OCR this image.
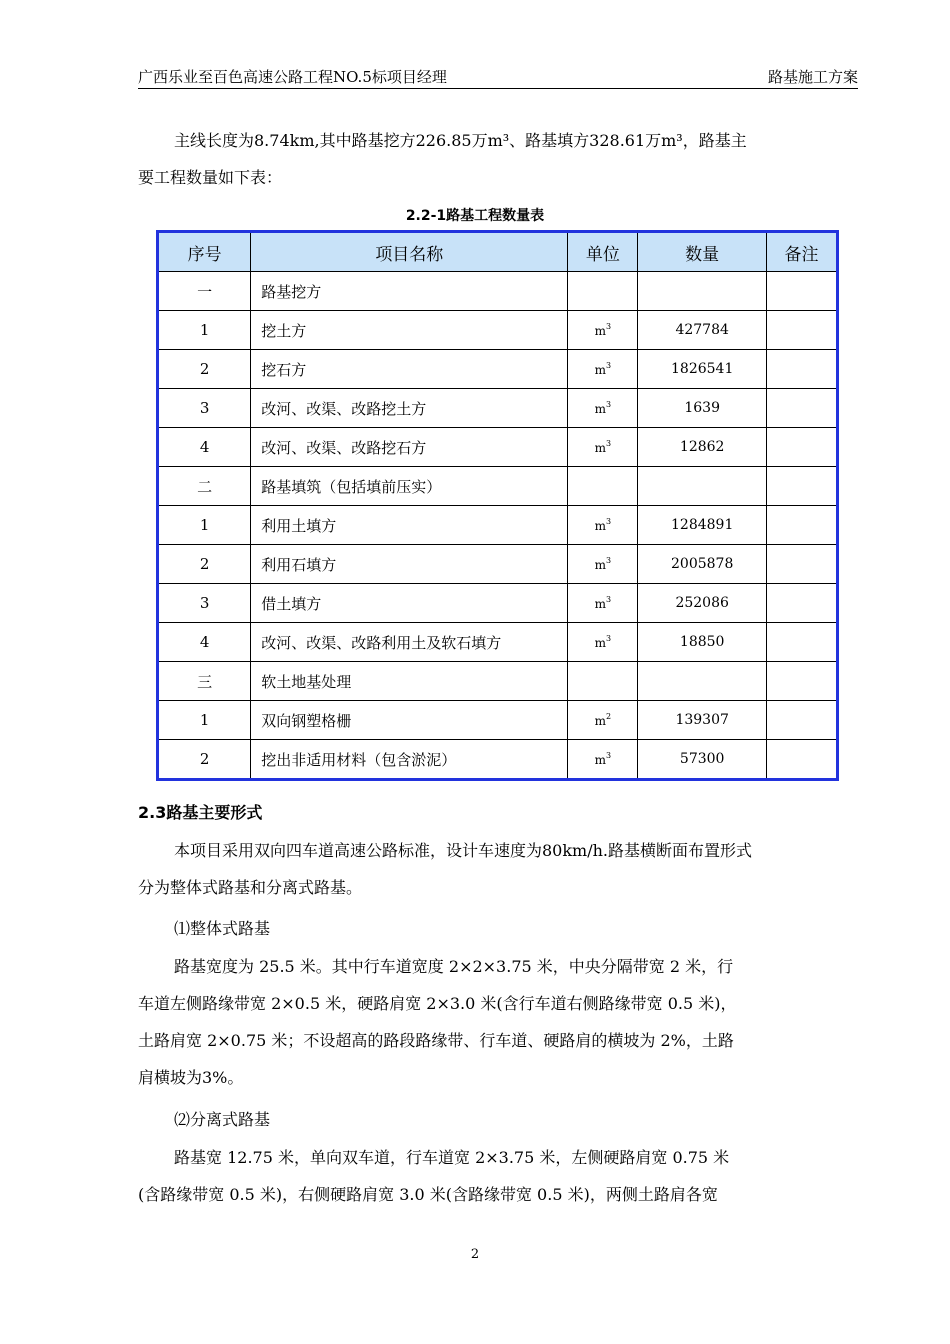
广西乐业至百色高速公路工程NO.5标项目经理	路基施工方案
主线长度为8.74km,其中路基挖方226.85万m³、路基填方328.61万m³，路基主
要工程数量如下表：
2.2-1路基工程数量表
序号	项目名称	单位	数量	备注
一	路基挖方			
1	挖土方	$m^3$	427784	
2	挖石方	$m^3$	1826541	
3	改河、改渠、改路挖土方	$m^3$	1639	
4	改河、改渠、改路挖石方	$m^3$	12862	
二	路基填筑（包括填前压实）			
1	利用土填方	$m^3$	1284891	
2	利用石填方	$m^3$	2005878	
3	借土填方	$m^3$	252086	
4	改河、改渠、改路利用土及软石填方	$m^3$	18850	
三	软土地基处理			
1	双向钢塑格栅	$m^2$	139307	
2	挖出非适用材料（包含淤泥）	$m^3$	57300	
2.3路基主要形式
本项目采用双向四车道高速公路标准，设计车速度为80km/h.路基横断面布置形式
分为整体式路基和分离式路基。
⑴整体式路基
路基宽度为 25.5 米。其中行车道宽度 2×2×3.75 米，中央分隔带宽 2 米，行
车道左侧路缘带宽 2×0.5 米，硬路肩宽 2×3.0 米(含行车道右侧路缘带宽 0.5 米)，
土路肩宽 2×0.75 米；不设超高的路段路缘带、行车道、硬路肩的横坡为 2%，土路
肩横坡为3%。
⑵分离式路基
路基宽 12.75 米，单向双车道，行车道宽 2×3.75 米，左侧硬路肩宽 0.75 米
(含路缘带宽 0.5 米)，右侧硬路肩宽 3.0 米(含路缘带宽 0.5 米)，两侧土路肩各宽
2
